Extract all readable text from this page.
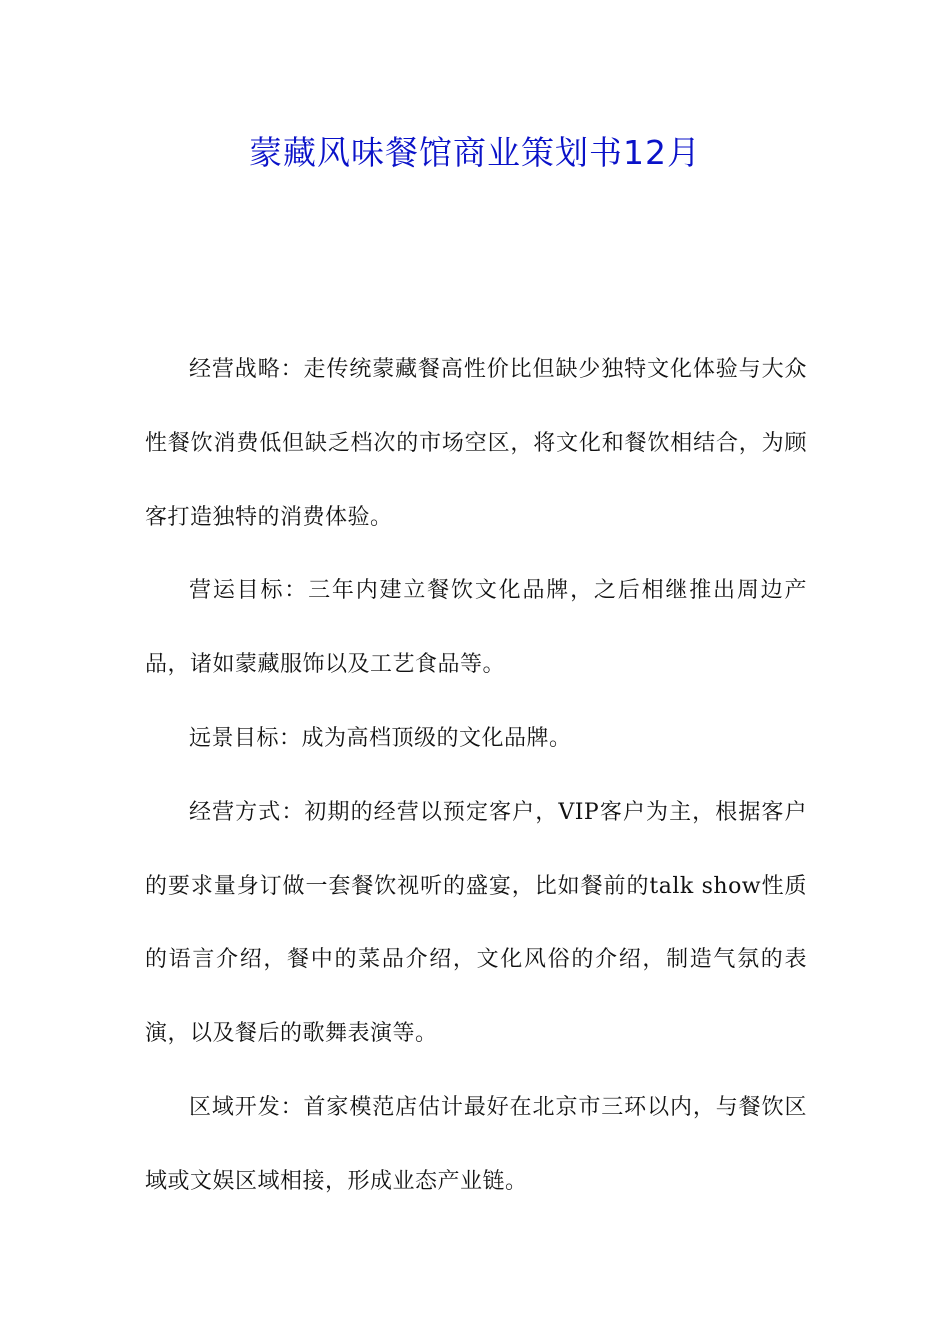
蒙藏风味餐馆商业策划书12月

经营战略：走传统蒙藏餐高性价比但缺少独特文化体验与大众性餐饮消费低但缺乏档次的市场空区，将文化和餐饮相结合，为顾客打造独特的消费体验。

营运目标：三年内建立餐饮文化品牌，之后相继推出周边产品，诸如蒙藏服饰以及工艺食品等。

远景目标：成为高档顶级的文化品牌。

经营方式：初期的经营以预定客户，VIP客户为主，根据客户的要求量身订做一套餐饮视听的盛宴，比如餐前的talk show性质的语言介绍，餐中的菜品介绍，文化风俗的介绍，制造气氛的表演，以及餐后的歌舞表演等。

区域开发：首家模范店估计最好在北京市三环以内，与餐饮区域或文娱区域相接，形成业态产业链。
